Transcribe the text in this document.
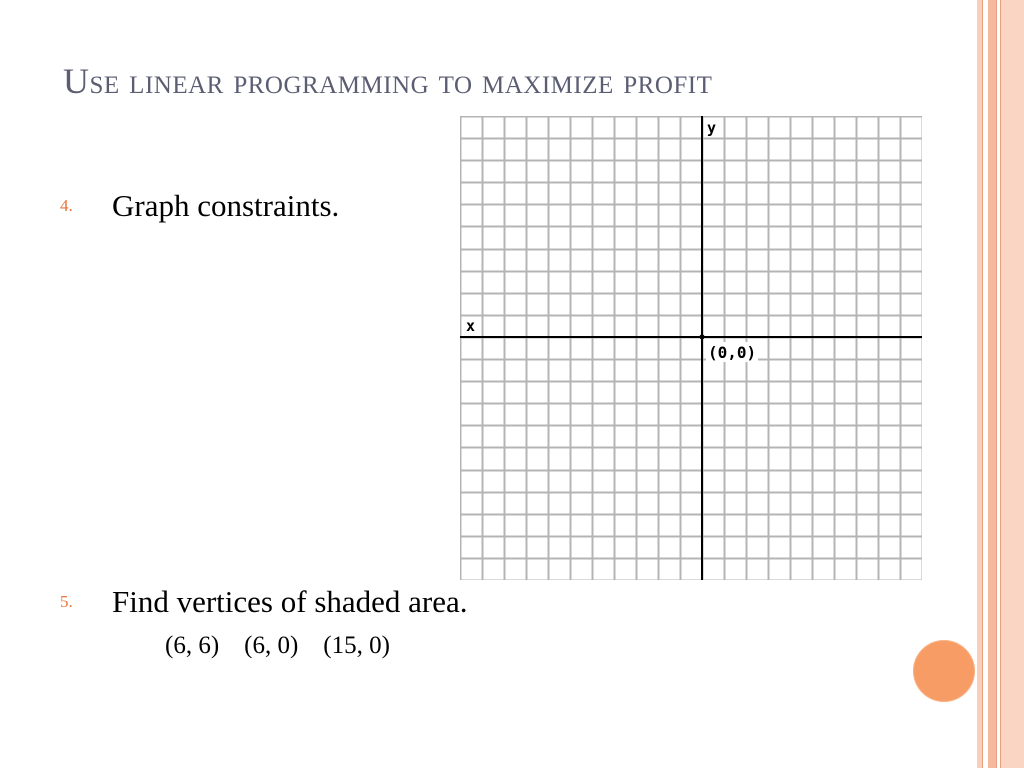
Use linear programming to maximize profit
4. Graph constraints.
5. Find vertices of shaded area.
(6, 6)    (6, 0)    (15, 0)
x
y
(0,0)
